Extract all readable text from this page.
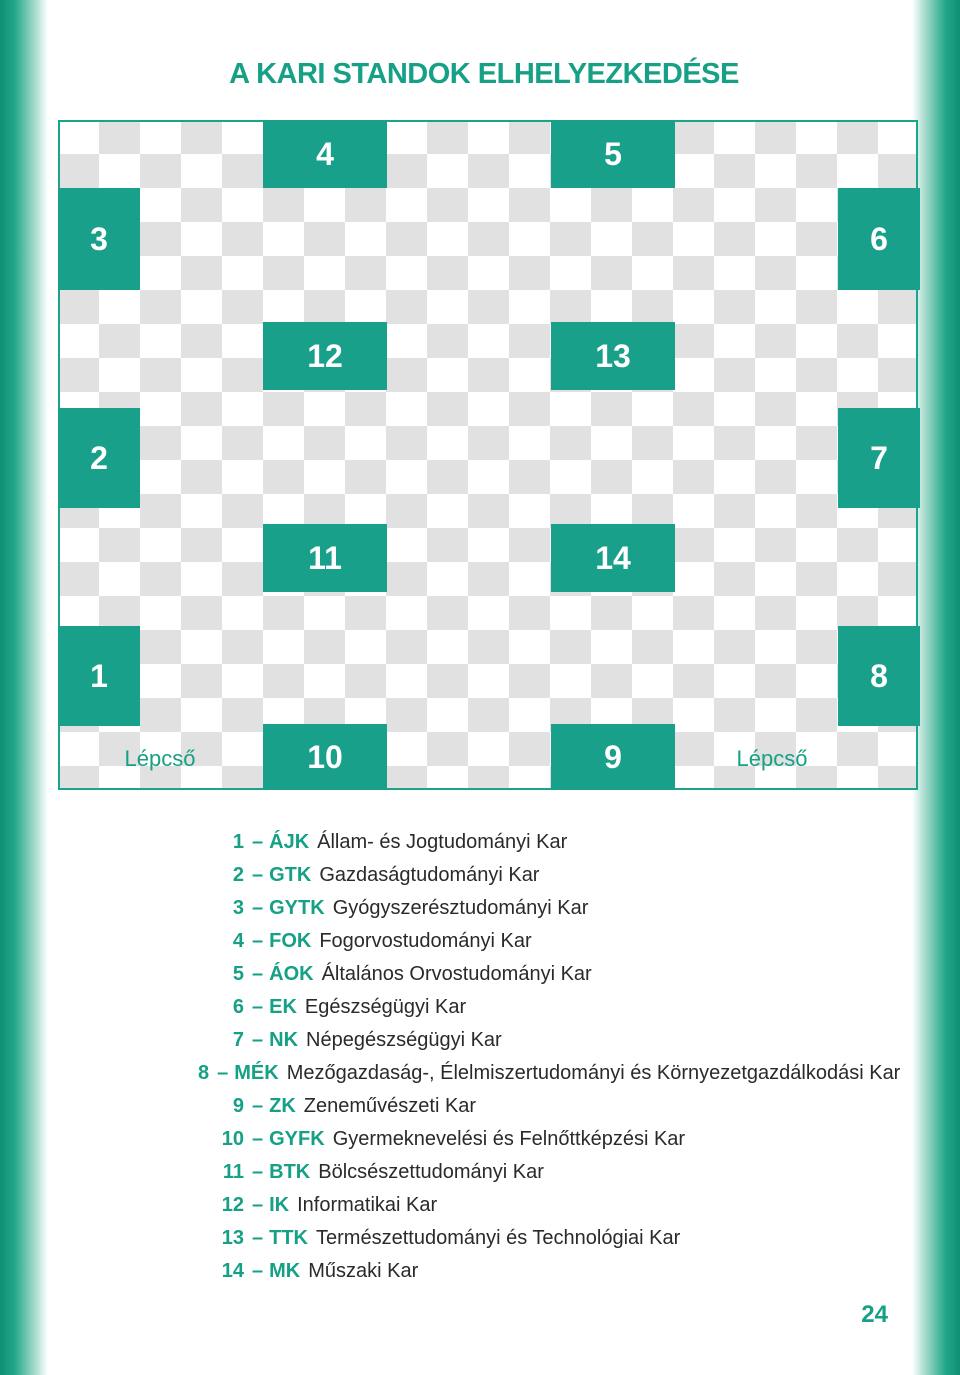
A KARI STANDOK ELHELYEZKEDÉSE
3
2
1
6
7
8
4
12
11
10
5
13
14
9
Lépcső	Lépcső
1 – ÁJK Állam- és Jogtudományi Kar
2 – GTK Gazdaságtudományi Kar
3 – GYTK Gyógyszerésztudományi Kar
4 – FOK Fogorvostudományi Kar
5 – ÁOK Általános Orvostudományi Kar
6 – EK Egészségügyi Kar
7 – NK Népegészségügyi Kar
8 – MÉK Mezőgazdaság-, Élelmiszertudományi és Környezetgazdálkodási Kar
9 – ZK Zeneművészeti Kar
10 – GYFK Gyermeknevelési és Felnőttképzési Kar
11 – BTK Bölcsészettudományi Kar
12 – IK Informatikai Kar
13 – TTK Természettudományi és Technológiai Kar
14 – MK Műszaki Kar
24
